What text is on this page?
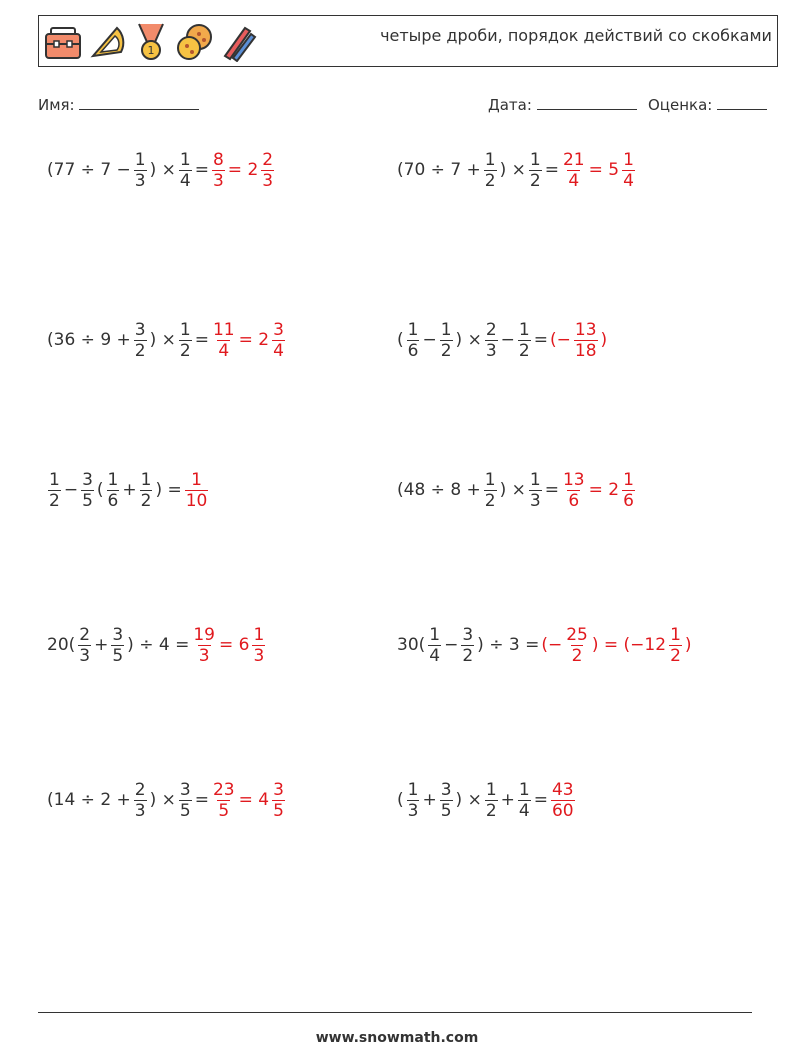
1
четыре дроби, порядок действий со скобками
Имя:	Дата:	Оценка:
($77 \div 7 - \frac{1}{3}$ ) × $\frac{1}{4} = \frac{8}{3} = 2 \frac{2}{3}$	($70 \div 7 + \frac{1}{2}$ ) × $\frac{1}{2} = \frac{21}{4} = 5 \frac{1}{4}$
($36 \div 9 + \frac{3}{2}$ ) × $\frac{1}{2} = \frac{11}{4} = 2 \frac{3}{4}$	( $\frac{1}{6} - \frac{1}{2}$ ) × $\frac{2}{3} - \frac{1}{2}$ = (− $\frac{13}{18}$ )
$\frac{1}{2} - \frac{3}{5}$ ( $\frac{1}{6} + \frac{1}{2}$ ) = $\frac{1}{10}$	($48 \div 8 + \frac{1}{2}$ ) × $\frac{1}{3} = \frac{13}{6} = 2 \frac{1}{6}$
$20( \frac{2}{3} + \frac{3}{5}$ ) ÷ $4 = \frac{19}{3} = 6 \frac{1}{3}$	$30( \frac{1}{4} - \frac{3}{2}$ ) ÷ 3 = (− $\frac{25}{2}$ ) = ($-12 \frac{1}{2}$ )
($14 \div 2 + \frac{2}{3}$ ) × $\frac{3}{5} = \frac{23}{5} = 4 \frac{3}{5}$	( $\frac{1}{3} + \frac{3}{5}$ ) × $\frac{1}{2} + \frac{1}{4} = \frac{43}{60}$
www.snowmath.com
